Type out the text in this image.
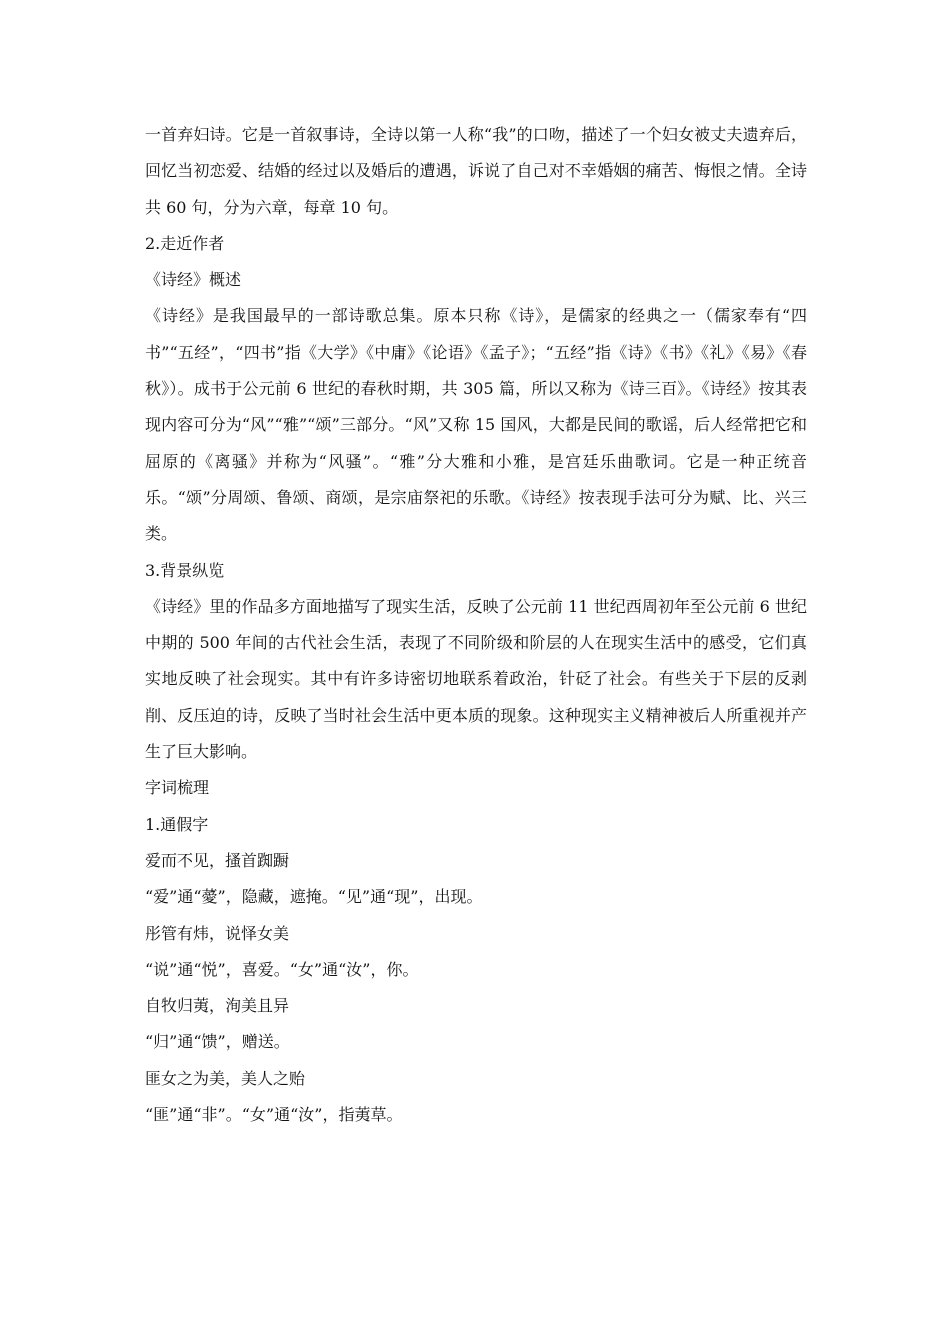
一首弃妇诗。它是一首叙事诗，全诗以第一人称“我”的口吻，描述了一个妇女被丈夫遗弃后，回忆当初恋爱、结婚的经过以及婚后的遭遇，诉说了自己对不幸婚姻的痛苦、悔恨之情。全诗共 60 句，分为六章，每章 10 句。

2.走近作者

《诗经》概述

《诗经》是我国最早的一部诗歌总集。原本只称《诗》，是儒家的经典之一（儒家奉有“四书”“五经”，“四书”指《大学》《中庸》《论语》《孟子》；“五经”指《诗》《书》《礼》《易》《春秋》）。成书于公元前 6 世纪的春秋时期，共 305 篇，所以又称为《诗三百》。《诗经》按其表现内容可分为“风”“雅”“颂”三部分。“风”又称 15 国风，大都是民间的歌谣，后人经常把它和屈原的《离骚》并称为“风骚”。“雅”分大雅和小雅，是宫廷乐曲歌词。它是一种正统音乐。“颂”分周颂、鲁颂、商颂，是宗庙祭祀的乐歌。《诗经》按表现手法可分为赋、比、兴三类。

3.背景纵览

《诗经》里的作品多方面地描写了现实生活，反映了公元前 11 世纪西周初年至公元前 6 世纪中期的 500 年间的古代社会生活，表现了不同阶级和阶层的人在现实生活中的感受，它们真实地反映了社会现实。其中有许多诗密切地联系着政治，针砭了社会。有些关于下层的反剥削、反压迫的诗，反映了当时社会生活中更本质的现象。这种现实主义精神被后人所重视并产生了巨大影响。

字词梳理

1.通假字

爱而不见，搔首踟蹰

“爱”通“薆”，隐藏，遮掩。“见”通“现”，出现。

彤管有炜，说怿女美

“说”通“悦”，喜爱。“女”通“汝”，你。

自牧归荑，洵美且异

“归”通“馈”，赠送。

匪女之为美，美人之贻

“匪”通“非”。“女”通“汝”，指荑草。
